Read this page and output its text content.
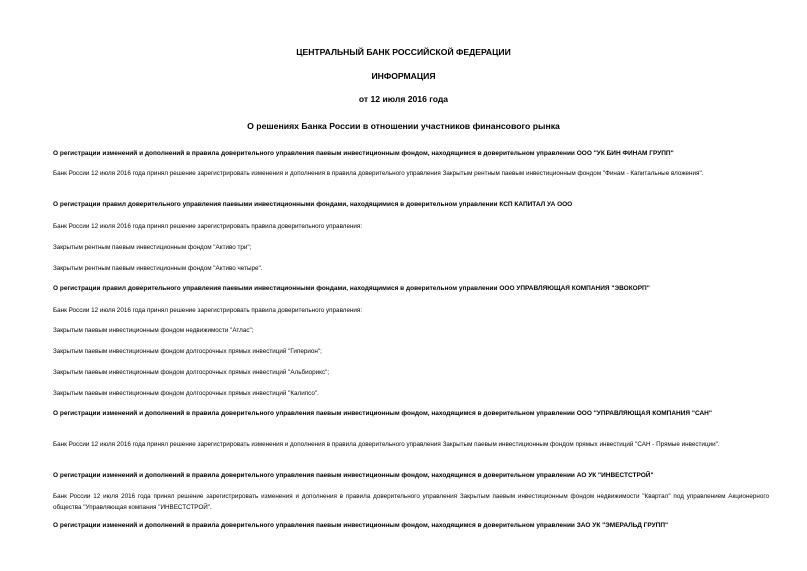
ЦЕНТРАЛЬНЫЙ БАНК РОССИЙСКОЙ ФЕДЕРАЦИИ
ИНФОРМАЦИЯ
от 12 июля 2016 года
О решениях Банка России в отношении участников финансового рынка
О регистрации изменений и дополнений в правила доверительного управления паевым инвестиционным фондом, находящимся в доверительном управлении ООО "УК БИН ФИНАМ ГРУПП"
Банк России 12 июля 2016 года принял решение зарегистрировать изменения и дополнения в правила доверительного управления Закрытым рентным паевым инвестиционным фондом "Финам - Капитальные вложения".
О регистрации правил доверительного управления паевыми инвестиционными фондами, находящимися в доверительном управлении КСП КАПИТАЛ УА ООО
Банк России 12 июля 2016 года принял решение зарегистрировать правила доверительного управления:
Закрытым рентным паевым инвестиционным фондом "Активо три";
Закрытым рентным паевым инвестиционным фондом "Активо четыре".
О регистрации правил доверительного управления паевыми инвестиционными фондами, находящимися в доверительном управлении ООО УПРАВЛЯЮЩАЯ КОМПАНИЯ "ЭВОКОРП"
Банк России 12 июля 2016 года принял решение зарегистрировать правила доверительного управления:
Закрытым паевым инвестиционным фондом недвижимости "Атлас";
Закрытым паевым инвестиционным фондом долгосрочных прямых инвестиций "Гиперион";
Закрытым паевым инвестиционным фондом долгосрочных прямых инвестиций "Альбиорикс";
Закрытым паевым инвестиционным фондом долгосрочных прямых инвестиций "Калипсо".
О регистрации изменений и дополнений в правила доверительного управления паевым инвестиционным фондом, находящимся в доверительном управлении ООО "УПРАВЛЯЮЩАЯ КОМПАНИЯ "САН"
Банк России 12 июля 2016 года принял решение зарегистрировать изменения и дополнения в правила доверительного управления Закрытым паевым инвестиционным фондом прямых инвестиций "САН - Прямые инвестиции".
О регистрации изменений и дополнений в правила доверительного управления паевым инвестиционным фондом, находящимся в доверительном управлении АО УК "ИНВЕСТСТРОЙ"
Банк России 12 июля 2016 года принял решение зарегистрировать изменения и дополнения в правила доверительного управления Закрытым паевым инвестиционным фондом недвижимости "Квартал" под управлением Акционерного общества "Управляющая компания "ИНВЕСТСТРОЙ".
О регистрации изменений и дополнений в правила доверительного управления паевым инвестиционным фондом, находящимся в доверительном управлении ЗАО УК "ЭМЕРАЛЬД ГРУПП"
